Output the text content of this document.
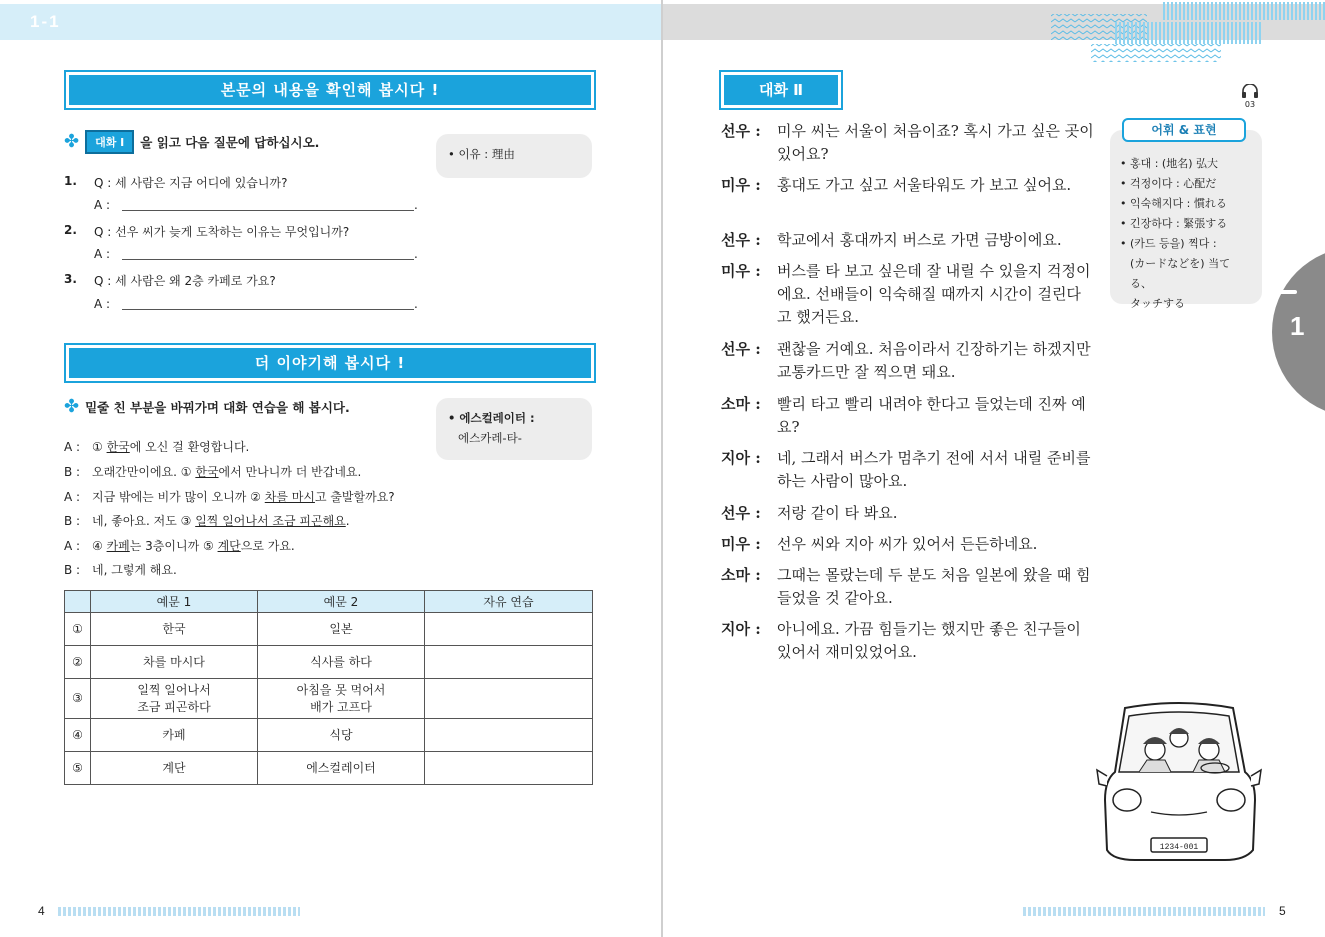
1-1
본문의 내용을 확인해 봅시다 !
✤	대화 Ⅰ	을 읽고 다음 질문에 답하십시오.
• 이유 : 理由
1.	Q : 세 사람은 지금 어디에 있습니까?
A :	.
2.	Q : 선우 씨가 늦게 도착하는 이유는 무엇입니까?
A :	.
3.	Q : 세 사람은 왜 2층 카페로 가요?
A :	.
더 이야기해 봅시다 !
✤ 밑줄 친 부분을 바꿔가며 대화 연습을 해 봅시다.
• 에스컬레이터 :
에스카레-타-
A : ① 한국에 오신 걸 환영합니다.
B : 오래간만이에요. ① 한국에서 만나니까 더 반갑네요.
A : 지금 밖에는 비가 많이 오니까 ② 차를 마시고 출발할까요?
B : 네, 좋아요. 저도 ③ 일찍 일어나서 조금 피곤해요.
A : ④ 카페는 3층이니까 ⑤ 계단으로 가요.
B : 네, 그렇게 해요.
	예문 1	예문 2	자유 연습
①	한국	일본	
②	차를 마시다	식사를 하다	
③	일찍 일어나서
조금 피곤하다	아침을 못 먹어서
배가 고프다	
④	카페	식당	
⑤	계단	에스컬레이터	
4
대화 Ⅱ
선우 :	미우 씨는 서울이 처음이죠? 혹시 가고 싶은 곳이 있어요?
미우 :	홍대도 가고 싶고 서울타워도 가 보고 싶어요.
선우 :	학교에서 홍대까지 버스로 가면 금방이에요.
미우 :	버스를 타 보고 싶은데 잘 내릴 수 있을지 걱정이에요. 선배들이 익숙해질 때까지 시간이 걸린다고 했거든요.
선우 :	괜찮을 거예요. 처음이라서 긴장하기는 하겠지만 교통카드만 잘 찍으면 돼요.
소마 :	빨리 타고 빨리 내려야 한다고 들었는데 진짜 예요?
지아 :	네, 그래서 버스가 멈추기 전에 서서 내릴 준비를 하는 사람이 많아요.
선우 :	저랑 같이 타 봐요.
미우 :	선우 씨와 지아 씨가 있어서 든든하네요.
소마 :	그때는 몰랐는데 두 분도 처음 일본에 왔을 때 힘들었을 것 같아요.
지아 :	아니에요. 가끔 힘들기는 했지만 좋은 친구들이 있어서 재미있었어요.
03
• 홍대 : (地名) 弘大
• 걱정이다 : 心配だ
• 익숙해지다 : 慣れる
• 긴장하다 : 緊張する
• (카드 등을) 찍다 :
(カードなどを) 当てる、
タッチする
어휘 & 표현
1
1234-001
5
